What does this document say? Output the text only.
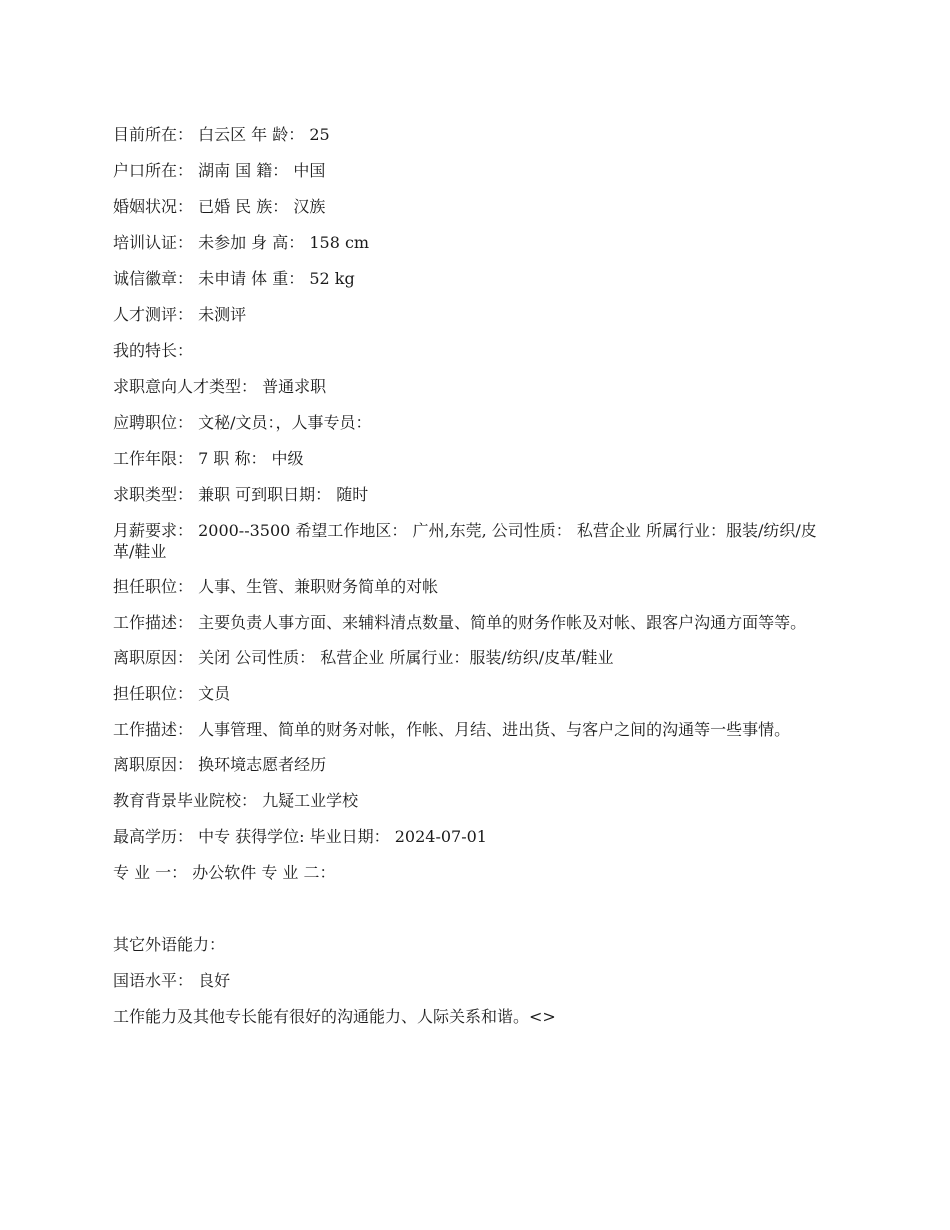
目前所在： 白云区 年 龄： 25

户口所在： 湖南 国 籍： 中国

婚姻状况： 已婚 民 族： 汉族

培训认证： 未参加 身 高： 158 cm

诚信徽章： 未申请 体 重： 52 kg

人才测评： 未测评

我的特长：

求职意向人才类型： 普通求职

应聘职位： 文秘/文员：，人事专员：

工作年限： 7 职 称： 中级

求职类型： 兼职 可到职日期： 随时

月薪要求： 2000--3500 希望工作地区： 广州,东莞, 公司性质： 私营企业 所属行业：服装/纺织/皮革/鞋业

担任职位： 人事、生管、兼职财务简单的对帐

工作描述： 主要负责人事方面、来辅料清点数量、简单的财务作帐及对帐、跟客户沟通方面等等。

离职原因： 关闭 公司性质： 私营企业 所属行业：服装/纺织/皮革/鞋业

担任职位： 文员

工作描述： 人事管理、简单的财务对帐，作帐、月结、进出货、与客户之间的沟通等一些事情。

离职原因： 换环境志愿者经历

教育背景毕业院校： 九疑工业学校

最高学历： 中专 获得学位: 毕业日期： 2024-07-01

专 业 一： 办公软件 专 业 二：

其它外语能力：

国语水平： 良好

工作能力及其他专长能有很好的沟通能力、人际关系和谐。<>
